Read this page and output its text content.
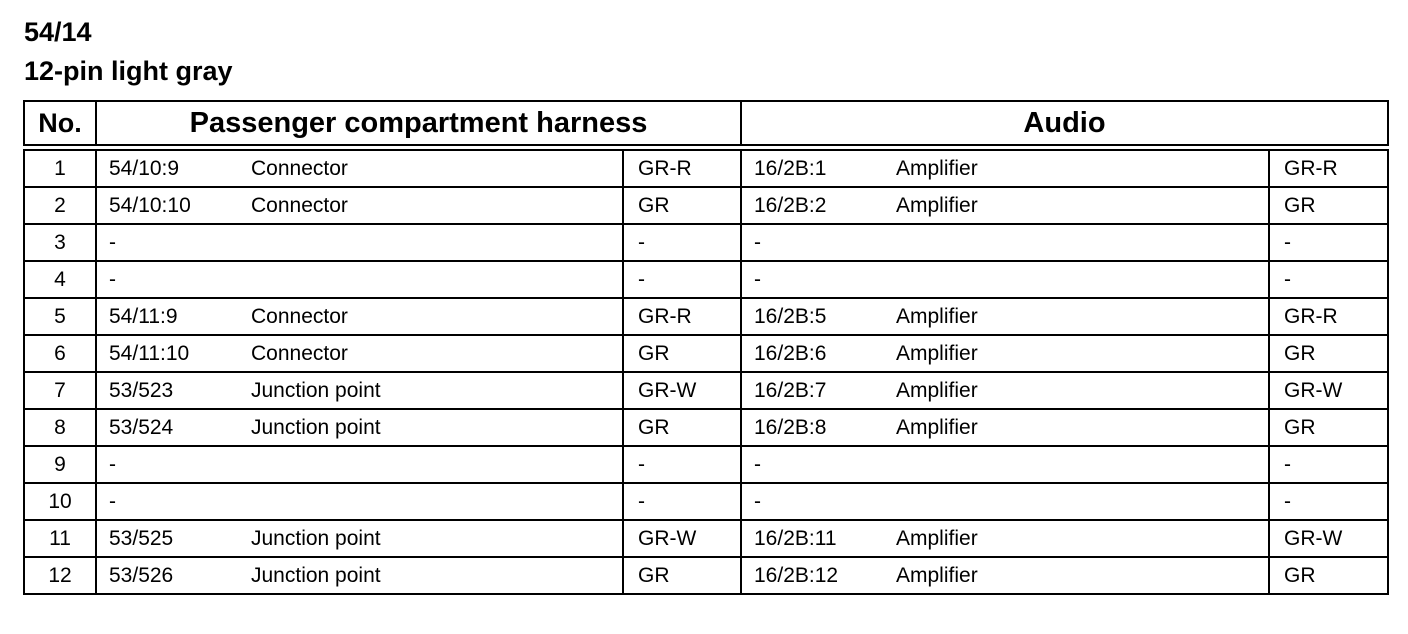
54/14
12-pin light gray
No.	Passenger compartment harness		Audio	
1	54/10:9 Connector	GR-R	16/2B:1 Amplifier	GR-R
2	54/10:10 Connector	GR	16/2B:2 Amplifier	GR
3	-	-	-	-
4	-	-	-	-
5	54/11:9 Connector	GR-R	16/2B:5 Amplifier	GR-R
6	54/11:10 Connector	GR	16/2B:6 Amplifier	GR
7	53/523 Junction point	GR-W	16/2B:7 Amplifier	GR-W
8	53/524 Junction point	GR	16/2B:8 Amplifier	GR
9	-	-	-	-
10	-	-	-	-
11	53/525 Junction point	GR-W	16/2B:11 Amplifier	GR-W
12	53/526 Junction point	GR	16/2B:12 Amplifier	GR
